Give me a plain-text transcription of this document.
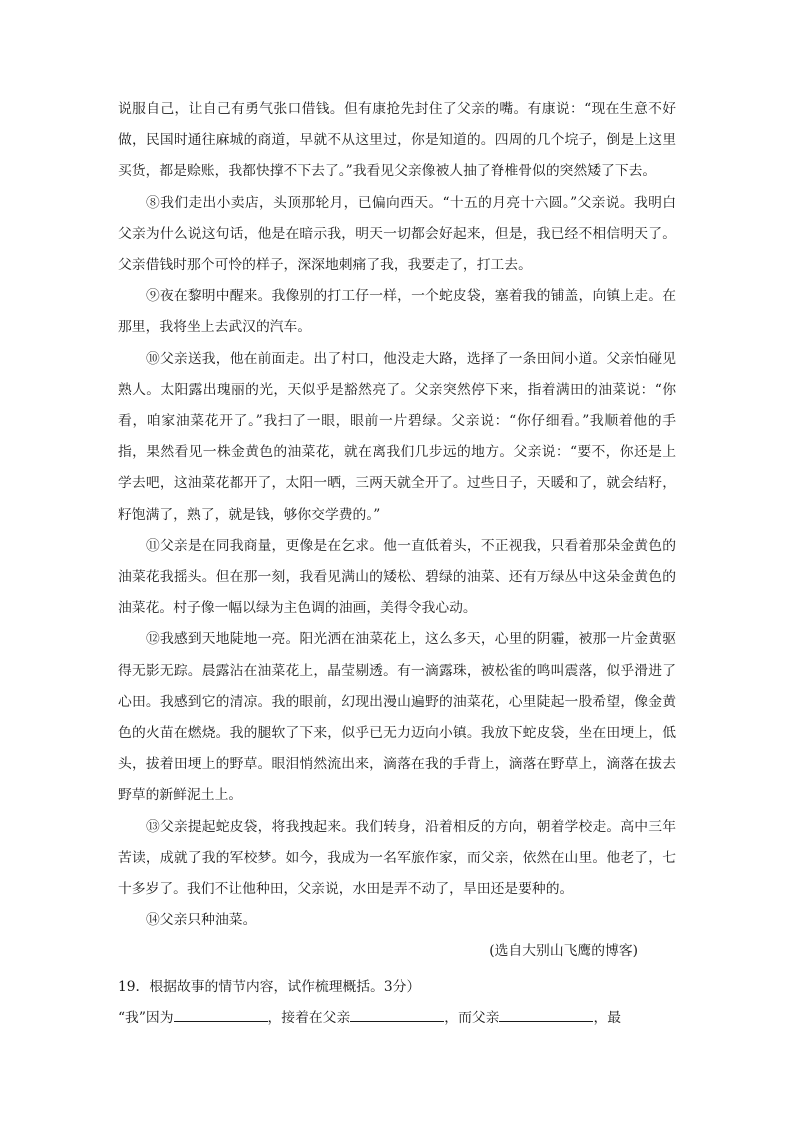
说服自己，让自己有勇气张口借钱。但有康抢先封住了父亲的嘴。有康说：“现在生意不好做，民国时通往麻城的商道，早就不从这里过，你是知道的。四周的几个垸子，倒是上这里买货，都是赊账，我都快撑不下去了。”我看见父亲像被人抽了脊椎骨似的突然矮了下去。

⑧我们走出小卖店，头顶那轮月，已偏向西天。“十五的月亮十六圆。”父亲说。我明白父亲为什么说这句话，他是在暗示我，明天一切都会好起来，但是，我已经不相信明天了。父亲借钱时那个可怜的样子，深深地刺痛了我，我要走了，打工去。

⑨夜在黎明中醒来。我像别的打工仔一样，一个蛇皮袋，塞着我的铺盖，向镇上走。在那里，我将坐上去武汉的汽车。

⑩父亲送我，他在前面走。出了村口，他没走大路，选择了一条田间小道。父亲怕碰见熟人。太阳露出瑰丽的光，天似乎是豁然亮了。父亲突然停下来，指着满田的油菜说：“你看，咱家油菜花开了。”我扫了一眼，眼前一片碧绿。父亲说：“你仔细看。”我顺着他的手指，果然看见一株金黄色的油菜花，就在离我们几步远的地方。父亲说：“要不，你还是上学去吧，这油菜花都开了，太阳一晒，三两天就全开了。过些日子，天暖和了，就会结籽，籽饱满了，熟了，就是钱，够你交学费的。”

⑪父亲是在同我商量，更像是在乞求。他一直低着头，不正视我，只看着那朵金黄色的油菜花我摇头。但在那一刻，我看见满山的矮松、碧绿的油菜、还有万绿丛中这朵金黄色的油菜花。村子像一幅以绿为主色调的油画，美得令我心动。

⑫我感到天地陡地一亮。阳光洒在油菜花上，这么多天，心里的阴霾，被那一片金黄驱得无影无踪。晨露沾在油菜花上，晶莹剔透。有一滴露珠，被松雀的鸣叫震落，似乎滑进了心田。我感到它的清凉。我的眼前，幻现出漫山遍野的油菜花，心里陡起一股希望，像金黄色的火苗在燃烧。我的腿软了下来，似乎已无力迈向小镇。我放下蛇皮袋，坐在田埂上，低头，拔着田埂上的野草。眼泪悄然流出来，滴落在我的手背上，滴落在野草上，滴落在拔去野草的新鲜泥土上。

⑬父亲提起蛇皮袋，将我拽起来。我们转身，沿着相反的方向，朝着学校走。高中三年苦读，成就了我的军校梦。如今，我成为一名军旅作家，而父亲，依然在山里。他老了，七十多岁了。我们不让他种田，父亲说，水田是弄不动了，旱田还是要种的。

⑭父亲只种油菜。

(选自大别山飞鹰的博客)

19．根据故事的情节内容，试作梳理概括。3分）

“我”因为	，接着在父亲	，而父亲	，最
